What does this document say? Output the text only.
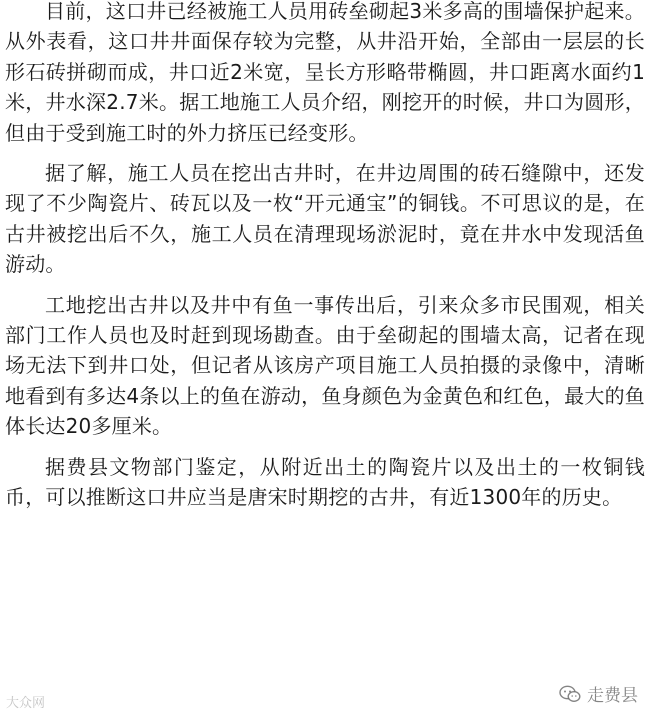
目前，这口井已经被施工人员用砖垒砌起3米多高的围墙保护起来。从外表看，这口井井面保存较为完整，从井沿开始，全部由一层层的长形石砖拼砌而成，井口近2米宽，呈长方形略带椭圆，井口距离水面约1米，井水深2.7米。据工地施工人员介绍，刚挖开的时候，井口为圆形，但由于受到施工时的外力挤压已经变形。

据了解，施工人员在挖出古井时，在井边周围的砖石缝隙中，还发现了不少陶瓷片、砖瓦以及一枚“开元通宝”的铜钱。不可思议的是，在古井被挖出后不久，施工人员在清理现场淤泥时，竟在井水中发现活鱼游动。

工地挖出古井以及井中有鱼一事传出后，引来众多市民围观，相关部门工作人员也及时赶到现场勘查。由于垒砌起的围墙太高，记者在现场无法下到井口处，但记者从该房产项目施工人员拍摄的录像中，清晰地看到有多达4条以上的鱼在游动，鱼身颜色为金黄色和红色，最大的鱼体长达20多厘米。

据费县文物部门鉴定，从附近出土的陶瓷片以及出土的一枚铜钱币，可以推断这口井应当是唐宋时期挖的古井，有近1300年的历史。

大众网	走费县
